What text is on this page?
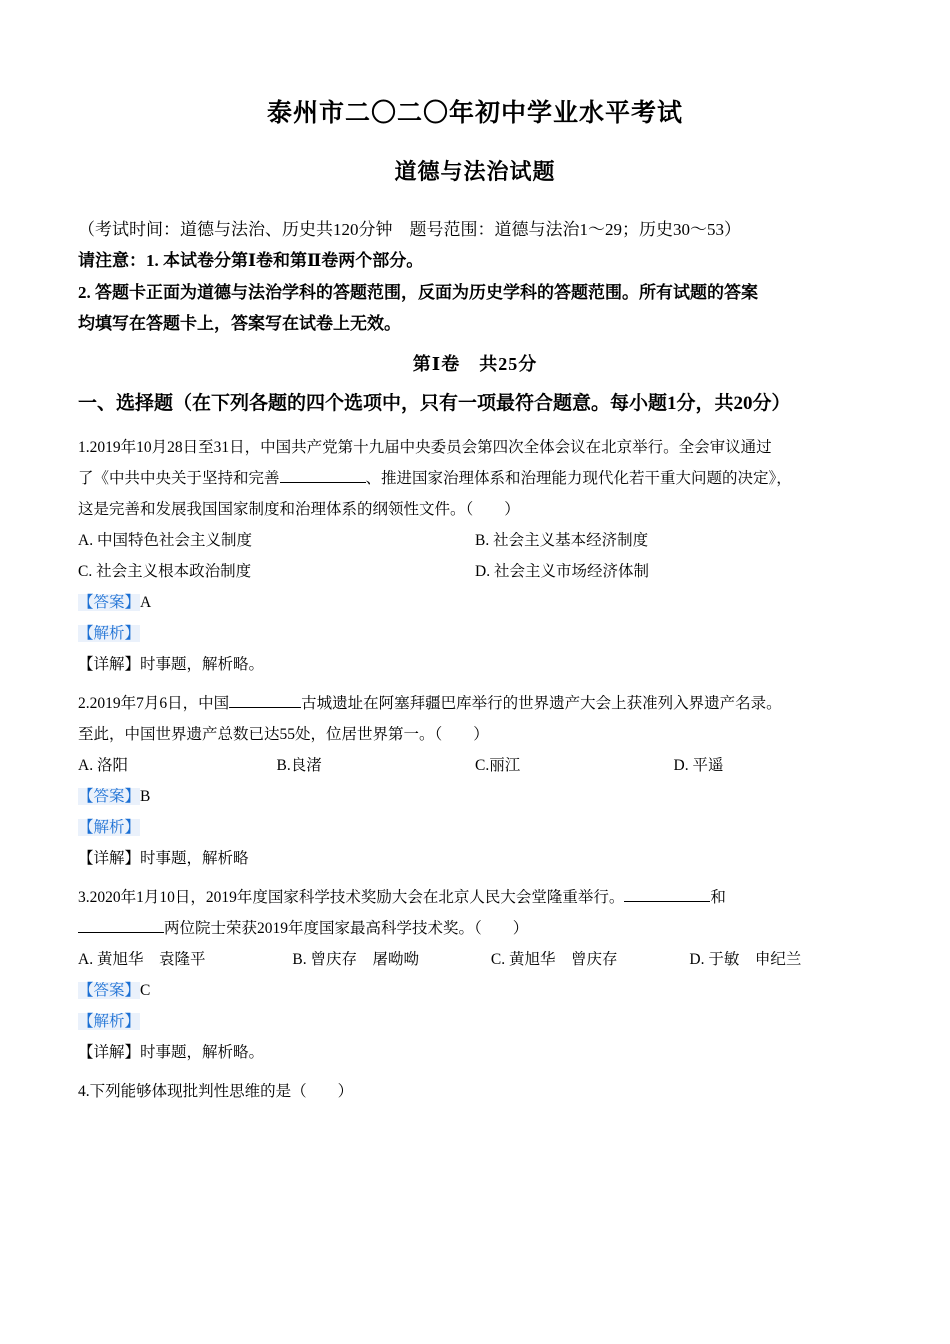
泰州市二〇二〇年初中学业水平考试
道德与法治试题

（考试时间：道德与法治、历史共120分钟　题号范围：道德与法治1～29；历史30～53）

请注意：1. 本试卷分第Ⅰ卷和第Ⅱ卷两个部分。

2. 答题卡正面为道德与法治学科的答题范围，反面为历史学科的答题范围。所有试题的答案

均填写在答题卡上，答案写在试卷上无效。

第Ⅰ卷　共25分
一、选择题（在下列各题的四个选项中，只有一项最符合题意。每小题1分，共20分）

1.2019年10月28日至31日，中国共产党第十九届中央委员会第四次全体会议在北京举行。全会审议通过

了《中共中央关于坚持和完善	、推进国家治理体系和治理能力现代化若干重大问题的决定》，

这是完善和发展我国国家制度和治理体系的纲领性文件。（　　）

A. 中国特色社会主义制度	B. 社会主义基本经济制度
C. 社会主义根本政治制度	D. 社会主义市场经济体制

【答案】A

【解析】

【详解】时事题，解析略。

2.2019年7月6日，中国	古城遗址在阿塞拜疆巴库举行的世界遗产大会上获准列入界遗产名录。

至此，中国世界遗产总数已达55处，位居世界第一。（　　）

A. 洛阳	B.良渚	C.丽江	D. 平遥

【答案】B

【解析】

【详解】时事题，解析略

3.2020年1月10日，2019年度国家科学技术奖励大会在北京人民大会堂隆重举行。	和

两位院士荣获2019年度国家最高科学技术奖。（　　）

A. 黄旭华　袁隆平	B. 曾庆存　屠呦呦	C. 黄旭华　曾庆存	D. 于敏　申纪兰

【答案】C

【解析】

【详解】时事题，解析略。

4.下列能够体现批判性思维的是（　　）
